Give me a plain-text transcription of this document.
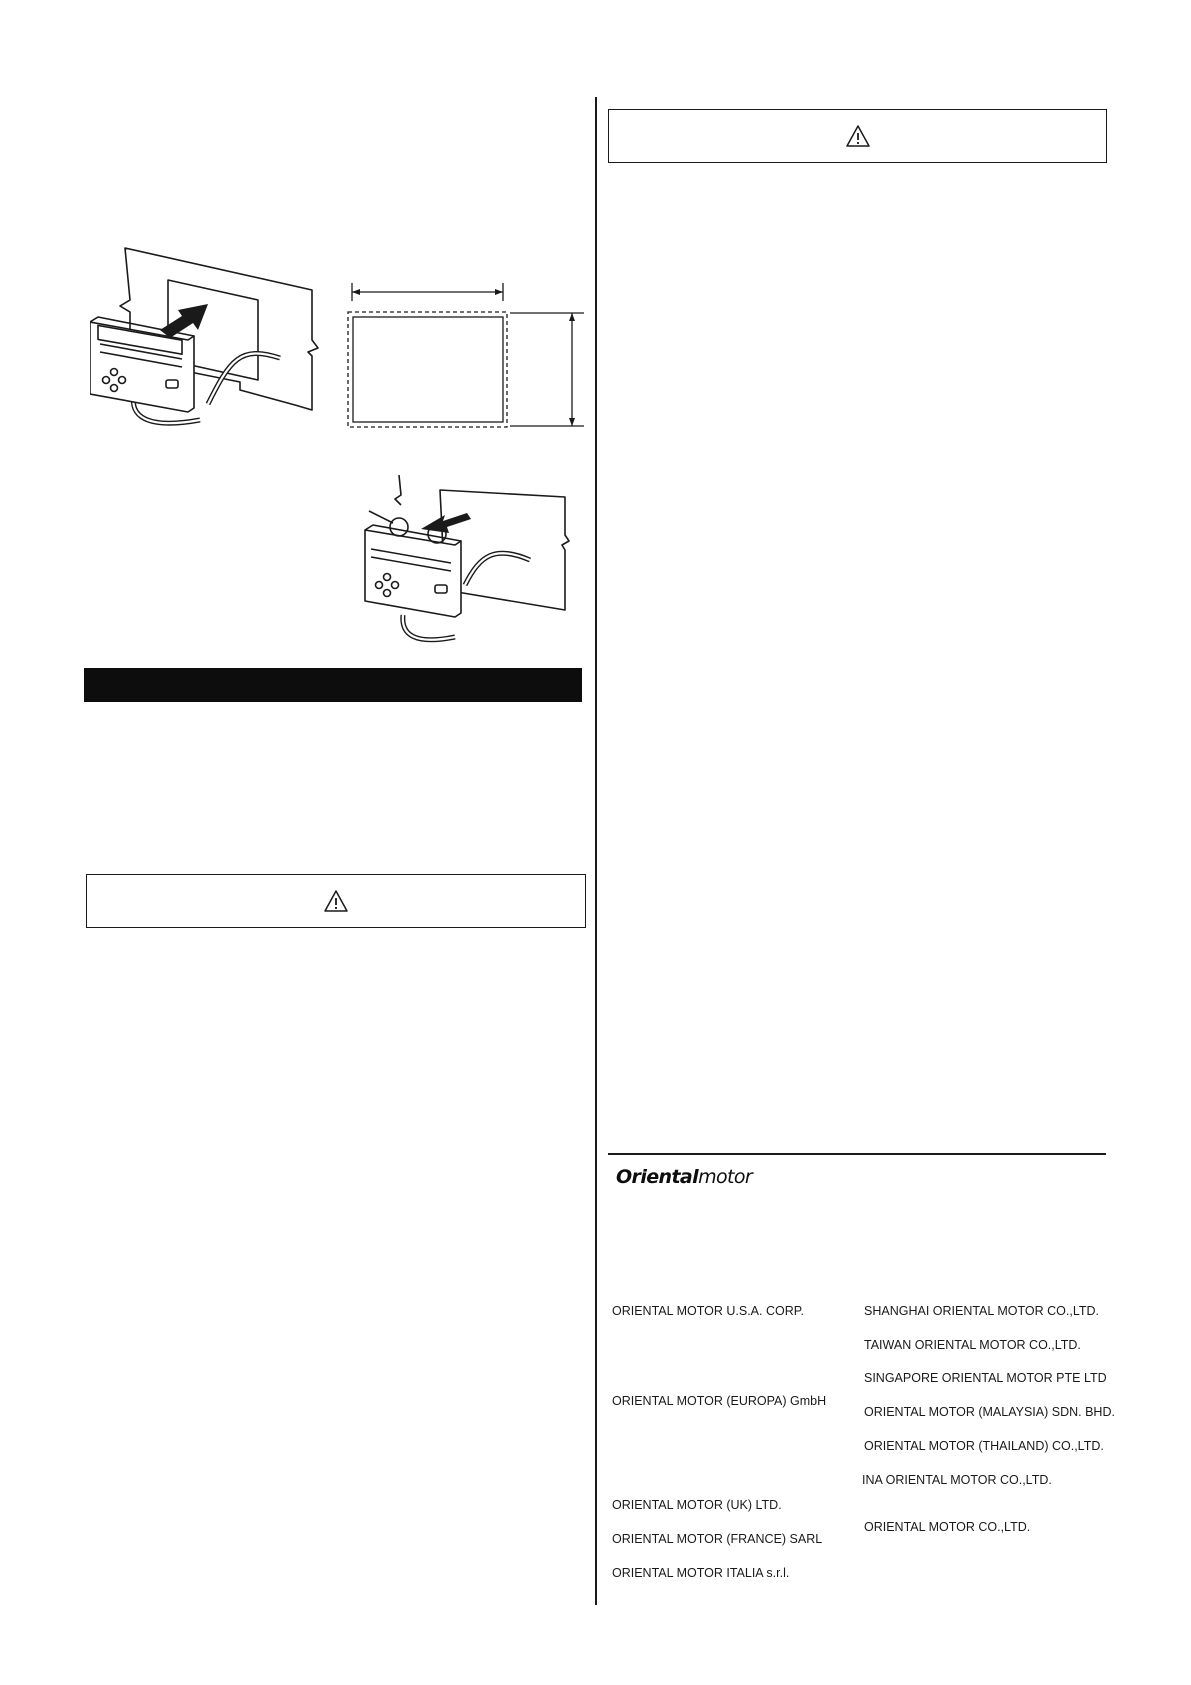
Orientalmotor
ORIENTAL MOTOR U.S.A. CORP.
ORIENTAL MOTOR (EUROPA) GmbH
ORIENTAL MOTOR (UK) LTD.
ORIENTAL MOTOR (FRANCE) SARL
ORIENTAL MOTOR ITALIA s.r.l.
SHANGHAI ORIENTAL MOTOR CO.,LTD.
TAIWAN ORIENTAL MOTOR CO.,LTD.
SINGAPORE ORIENTAL MOTOR PTE LTD
ORIENTAL MOTOR (MALAYSIA) SDN. BHD.
ORIENTAL MOTOR (THAILAND) CO.,LTD.
INA ORIENTAL MOTOR CO.,LTD.
ORIENTAL MOTOR CO.,LTD.
